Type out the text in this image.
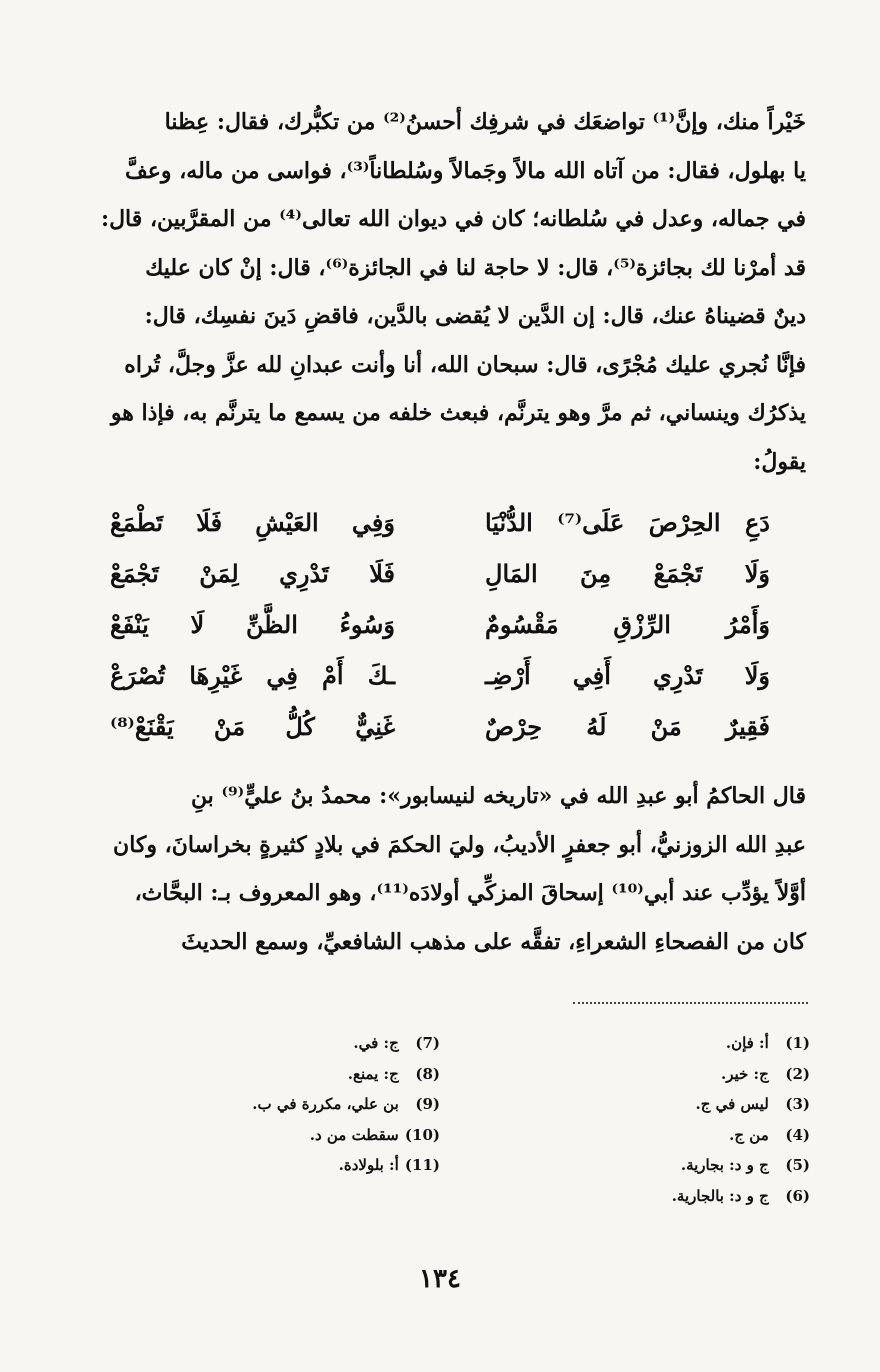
خَيْراً منك، وإنَّ⁽¹⁾ تواضعَك في شرفِك أحسنُ⁽²⁾ من تكبُّرك، فقال: عِظنا

يا بهلول، فقال: من آتاه الله مالاً وجَمالاً وسُلطاناً⁽³⁾، فواسى من ماله، وعفَّ

في جماله، وعدل في سُلطانه؛ كان في ديوان الله تعالى⁽⁴⁾ من المقرَّبين، قال:

قد أمرْنا لك بجائزة⁽⁵⁾، قال: لا حاجة لنا في الجائزة⁽⁶⁾، قال: إنْ كان عليك

دينٌ قضيناهُ عنك، قال: إن الدَّين لا يُقضى بالدَّين، فاقضِ دَينَ نفسِك، قال:

فإنَّا نُجري عليك مُجْرًى، قال: سبحان الله، أنا وأنت عبدانِ لله عزَّ وجلَّ، تُراه

يذكرُك وينساني، ثم مرَّ وهو يترنَّم، فبعث خلفه من يسمع ما يترنَّم به، فإذا هو

يقولُ:

دَعِ الحِرْصَ عَلَى⁽⁷⁾ الدُّنْيَا
وَفِي العَيْشِ فَلَا تَطْمَعْ
وَلَا تَجْمَعْ مِنَ المَالِ
فَلَا تَدْرِي لِمَنْ تَجْمَعْ
وَأَمْرُ الرِّزْقِ مَقْسُومٌ
وَسُوءُ الظَّنِّ لَا يَنْفَعْ
وَلَا تَدْرِي أَفِي أَرْضِـ
ـكَ أَمْ فِي غَيْرِهَا تُصْرَعْ
فَقِيرٌ مَنْ لَهُ حِرْصٌ
غَنِيٌّ كُلُّ مَنْ يَقْنَعْ⁽⁸⁾

قال الحاكمُ أبو عبدِ الله في «تاريخه لنيسابور»: محمدُ بنُ عليٍّ⁽⁹⁾ بنِ

عبدِ الله الزوزنيُّ، أبو جعفرٍ الأديبُ، وليَ الحكمَ في بلادٍ كثيرةٍ بخراسانَ، وكان

أوَّلاً يؤدِّب عند أبي⁽¹⁰⁾ إسحاقَ المزكِّي أولادَه⁽¹¹⁾، وهو المعروف بـ: البحَّاث،

كان من الفصحاءِ الشعراءِ، تفقَّه على مذهب الشافعيِّ، وسمع الحديثَ

(1) أ: فإن.
(2) ج: خير.
(3) ليس في ج.
(4) من ج.
(5) ج و د: بجارية.
(6) ج و د: بالجارية.
(7) ج: في.
(8) ج: يمنع.
(9) بن علي، مكررة في ب.
(10) سقطت من د.
(11) أ: بلولادة.
١٣٤
